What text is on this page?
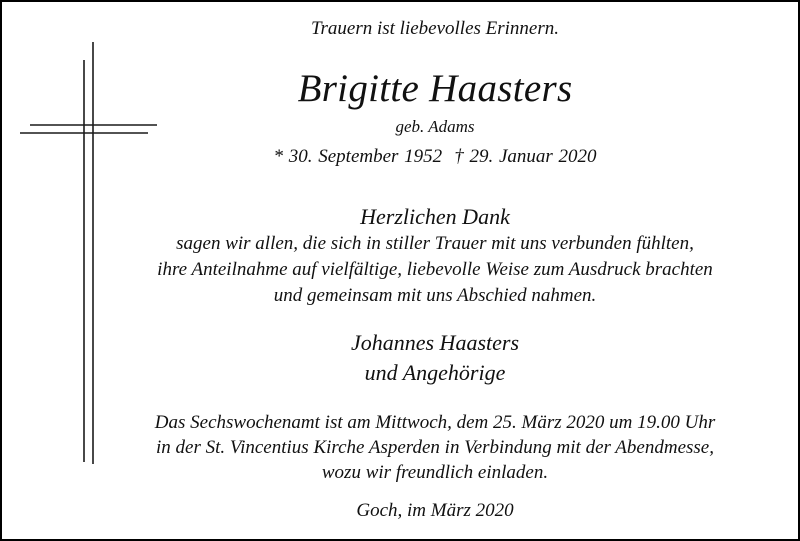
Trauern ist liebevolles Erinnern.
Brigitte Haasters
geb. Adams
* 30. September 1952 † 29. Januar 2020
Herzlichen Dank
sagen wir allen, die sich in stiller Trauer mit uns verbunden fühlten,
ihre Anteilnahme auf vielfältige, liebevolle Weise zum Ausdruck brachten
und gemeinsam mit uns Abschied nahmen.
Johannes Haasters
und Angehörige
Das Sechswochenamt ist am Mittwoch, dem 25. März 2020 um 19.00 Uhr
in der St. Vincentius Kirche Asperden in Verbindung mit der Abendmesse,
wozu wir freundlich einladen.
Goch, im März 2020
